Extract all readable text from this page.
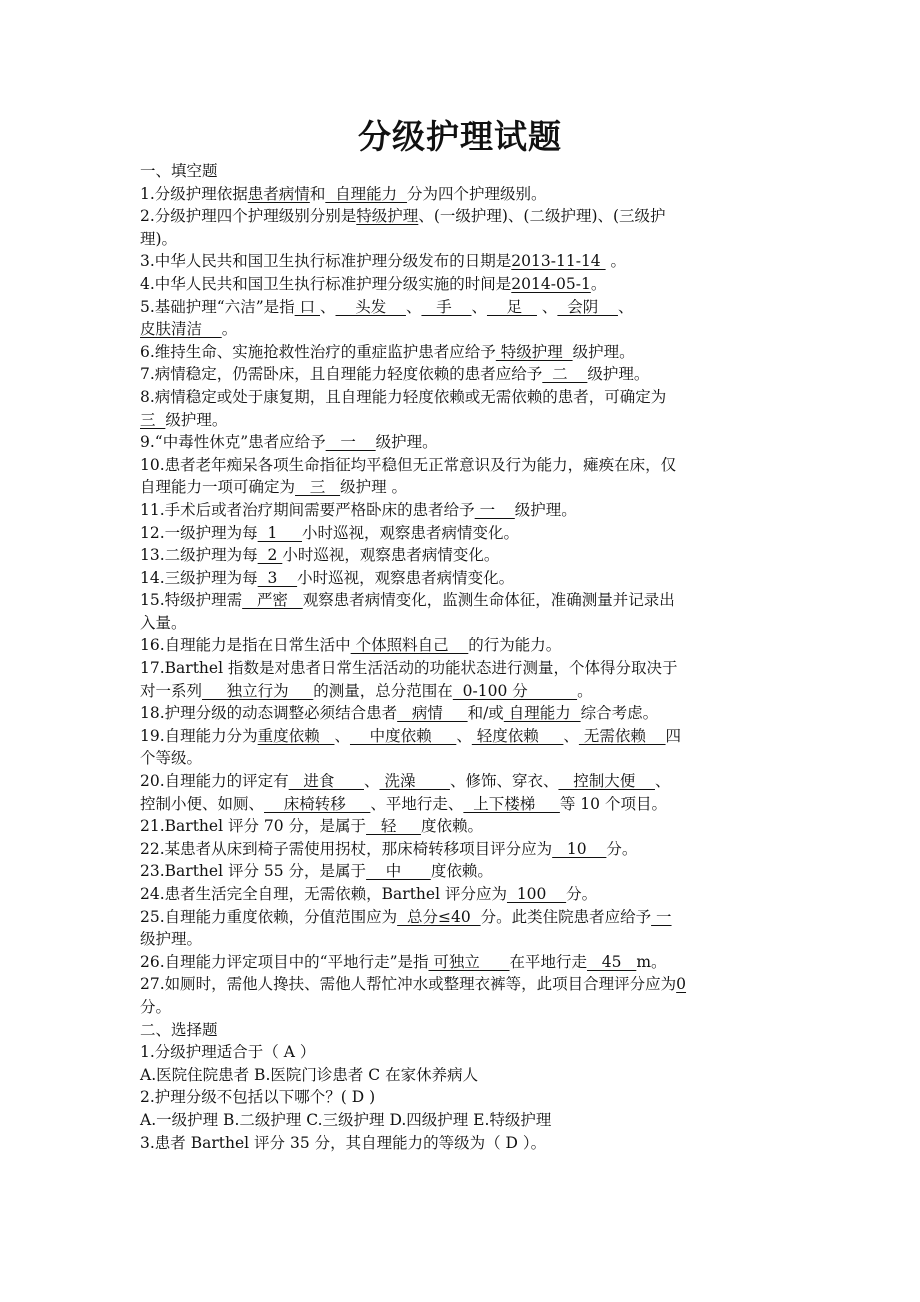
分级护理试题
一、填空题
1.分级护理依据患者病情和  自理能力  分为四个护理级别。
2.分级护理四个护理级别分别是特级护理、(一级护理)、(二级护理)、(三级护
理)。
3.中华人民共和国卫生执行标准护理分级发布的日期是2013-11-14  。
4.中华人民共和国卫生执行标准护理分级实施的时间是2014-05-1。
5.基础护理“六洁”是指 口 、    头发    、   手    、    足    、  会阴    、
皮肤清洁    。
6.维持生命、实施抢救性治疗的重症监护患者应给予 特级护理  级护理。
7.病情稳定，仍需卧床，且自理能力轻度依赖的患者应给予  二    级护理。
8.病情稳定或处于康复期，且自理能力轻度依赖或无需依赖的患者，可确定为
三  级护理。
9.“中毒性休克”患者应给予   一    级护理。
10.患者老年痴呆各项生命指征均平稳但无正常意识及行为能力，瘫痪在床，仅
自理能力一项可确定为   三   级护理 。
11.手术后或者治疗期间需要严格卧床的患者给予 一    级护理。
12.一级护理为每  1     小时巡视，观察患者病情变化。
13.二级护理为每  2 小时巡视，观察患者病情变化。
14.三级护理为每  3    小时巡视，观察患者病情变化。
15.特级护理需   严密   观察患者病情变化，监测生命体征，准确测量并记录出
入量。
16.自理能力是指在日常生活中 个体照料自己    的行为能力。
17.Barthel 指数是对患者日常生活活动的功能状态进行测量，个体得分取决于
对一系列     独立行为     的测量，总分范围在  0-100 分          。
18.护理分级的动态调整必须结合患者   病情     和/或 自理能力  综合考虑。
19.自理能力分为重度依赖   、    中度依赖     、 轻度依赖     、 无需依赖    四
个等级。
20.自理能力的评定有   进食      、 洗澡       、修饰、穿衣、   控制大便    、
控制小便、如厕、    床椅转移     、平地行走、  上下楼梯     等 10 个项目。
21.Barthel 评分 70 分，是属于   轻     度依赖。
22.某患者从床到椅子需使用拐杖，那床椅转移项目评分应为   10    分。
23.Barthel 评分 55 分，是属于    中      度依赖。
24.患者生活完全自理，无需依赖，Barthel 评分应为  100    分。
25.自理能力重度依赖，分值范围应为  总分≤40  分。此类住院患者应给予 一
级护理。
26.自理能力评定项目中的“平地行走”是指 可独立      在平地行走   45   m。
27.如厕时，需他人搀扶、需他人帮忙冲水或整理衣裤等，此项目合理评分应为0
分。
二、选择题
1.分级护理适合于（ A ）
A.医院住院患者 B.医院门诊患者 C 在家休养病人
2.护理分级不包括以下哪个？( D )
A.一级护理 B.二级护理 C.三级护理 D.四级护理 E.特级护理
3.患者 Barthel 评分 35 分，其自理能力的等级为（ D ）。
